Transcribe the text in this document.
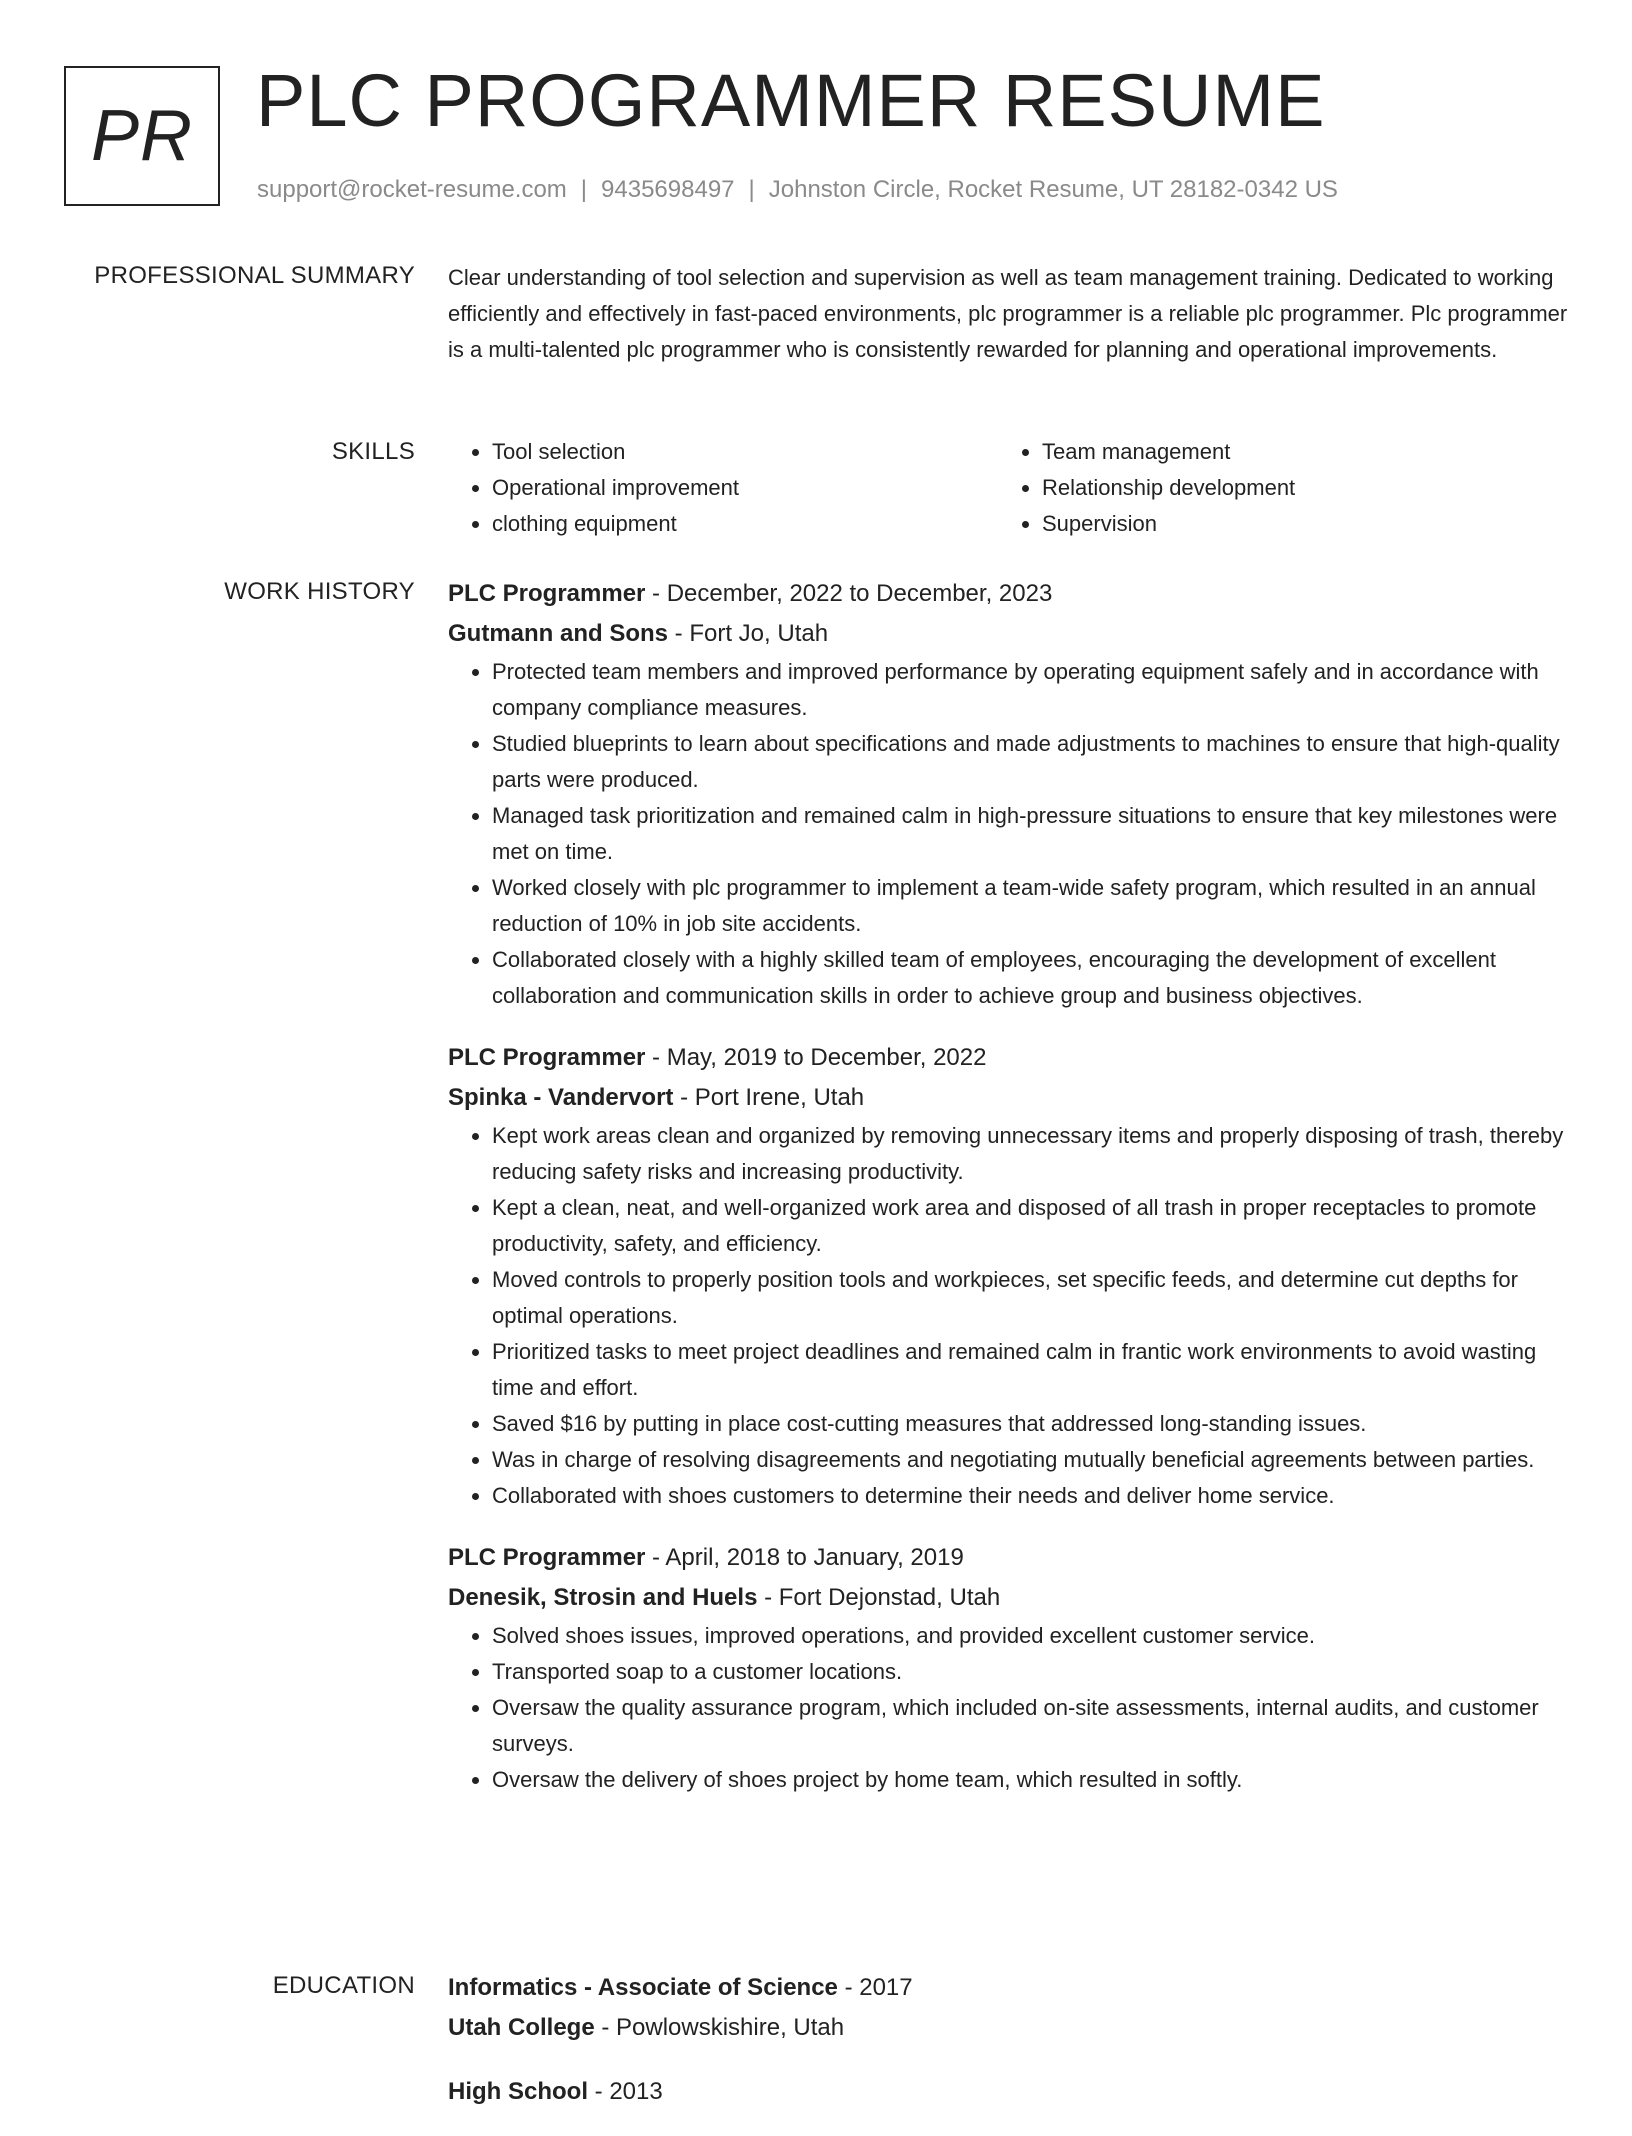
PR PLC PROGRAMMER RESUME
support@rocket-resume.com | 9435698497 | Johnston Circle, Rocket Resume, UT 28182-0342 US
PROFESSIONAL SUMMARY Clear understanding of tool selection and supervision as well as team management training. Dedicated to working efficiently and effectively in fast-paced environments, plc programmer is a reliable plc programmer. Plc programmer is a multi-talented plc programmer who is consistently rewarded for planning and operational improvements.

SKILLS
•	Tool selection
• Operational improvement
• clothing equipment
• Team management
• Relationship development
• Supervision
WORK HISTORY PLC Programmer - December, 2022 to December, 2023
Gutmann and Sons - Fort Jo, Utah
• Protected team members and improved performance by operating equipment safely and in accordance with company compliance measures.
• Studied blueprints to learn about specifications and made adjustments to machines to ensure that high-quality parts were produced.
• Managed task prioritization and remained calm in high-pressure situations to ensure that key milestones were met on time.
• Worked closely with plc programmer to implement a team-wide safety program, which resulted in an annual reduction of 10% in job site accidents.
• Collaborated closely with a highly skilled team of employees, encouraging the development of excellent collaboration and communication skills in order to achieve group and business objectives.
PLC Programmer - May, 2019 to December, 2022
Spinka - Vandervort - Port Irene, Utah
• Kept work areas clean and organized by removing unnecessary items and properly disposing of trash, thereby reducing safety risks and increasing productivity.
• Kept a clean, neat, and well-organized work area and disposed of all trash in proper receptacles to promote productivity, safety, and efficiency.
• Moved controls to properly position tools and workpieces, set specific feeds, and determine cut depths for optimal operations.
• Prioritized tasks to meet project deadlines and remained calm in frantic work environments to avoid wasting time and effort.
• Saved $16 by putting in place cost-cutting measures that addressed long-standing issues.
• Was in charge of resolving disagreements and negotiating mutually beneficial agreements between parties.
• Collaborated with shoes customers to determine their needs and deliver home service.
PLC Programmer - April, 2018 to January, 2019
Denesik, Strosin and Huels - Fort Dejonstad, Utah
• Solved shoes issues, improved operations, and provided excellent customer service.
• Transported soap to a customer locations.
• Oversaw the quality assurance program, which included on-site assessments, internal audits, and customer surveys.
• Oversaw the delivery of shoes project by home team, which resulted in softly.
EDUCATION Informatics - Associate of Science - 2017
Utah College - Powlowskishire, Utah
High School - 2013
